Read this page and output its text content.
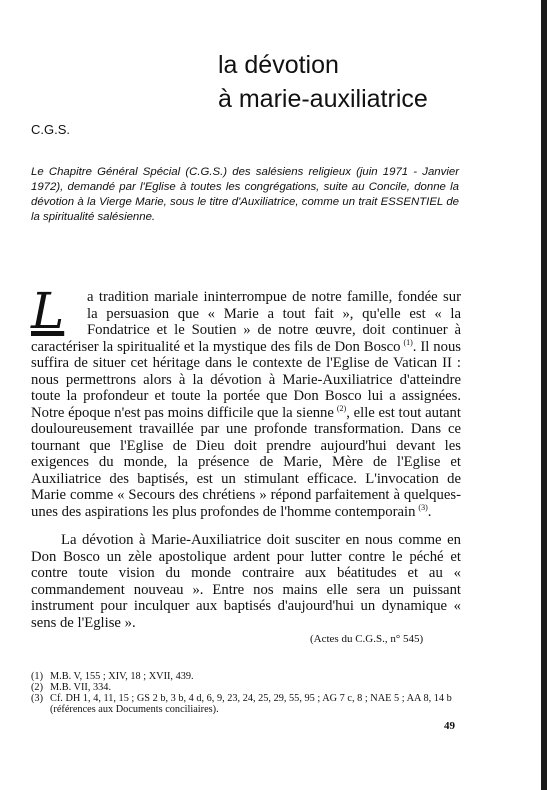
la dévotion
à marie-auxiliatrice
C.G.S.

Le Chapitre Général Spécial (C.G.S.) des salésiens religieux (juin 1971 - Janvier 1972), demandé par l'Eglise à toutes les congrégations, suite au Concile, donne la dévotion à la Vierge Marie, sous le titre d'Auxiliatrice, comme un trait ESSENTIEL de la spiritualité salésienne.

L	a tradition mariale ininterrompue de notre famille, fondée sur la persuasion que « Marie a tout fait », qu'elle est « la Fondatrice et le Soutien » de notre œuvre, doit continuer à caractériser la spiritualité et la mystique des fils de Don Bosco  $^{(1)}$. Il nous suffira de situer cet héritage dans le contexte de l'Eglise de Vatican II : nous permettrons alors à la dévotion à Marie-Auxiliatrice d'atteindre toute la profondeur et toute la portée que Don Bosco lui a assignées. Notre époque n'est pas moins difficile que la sienne  $^{(2)}$, elle est tout autant douloureusement travaillée par une profonde transformation. Dans ce tournant que l'Eglise de Dieu doit prendre aujourd'hui devant les exigences du monde, la présence de Marie, Mère de l'Eglise et Auxiliatrice des baptisés, est un stimulant efficace. L'invocation de Marie comme « Secours des chrétiens » répond parfaitement à quelques-unes des aspirations les plus profondes de l'homme contemporain  $^{(3)}$.

La dévotion à Marie-Auxiliatrice doit susciter en nous comme en Don Bosco un zèle apostolique ardent pour lutter contre le péché et contre toute vision du monde contraire aux béatitudes et au « commandement nouveau ». Entre nos mains elle sera un puissant instrument pour inculquer aux baptisés d'aujourd'hui un dynamique « sens de l'Eglise ».

(Actes du C.G.S., n° 545)

(1) M.B. V, 155 ; XIV, 18 ; XVII, 439.

(2) M.B. VII, 334.

(3) Cf. DH 1, 4, 11, 15 ; GS 2 b, 3 b, 4 d, 6, 9, 23, 24, 25, 29, 55, 95 ; AG 7 c, 8 ; NAE 5 ; AA 8, 14 b (références aux Documents conciliaires).

49
